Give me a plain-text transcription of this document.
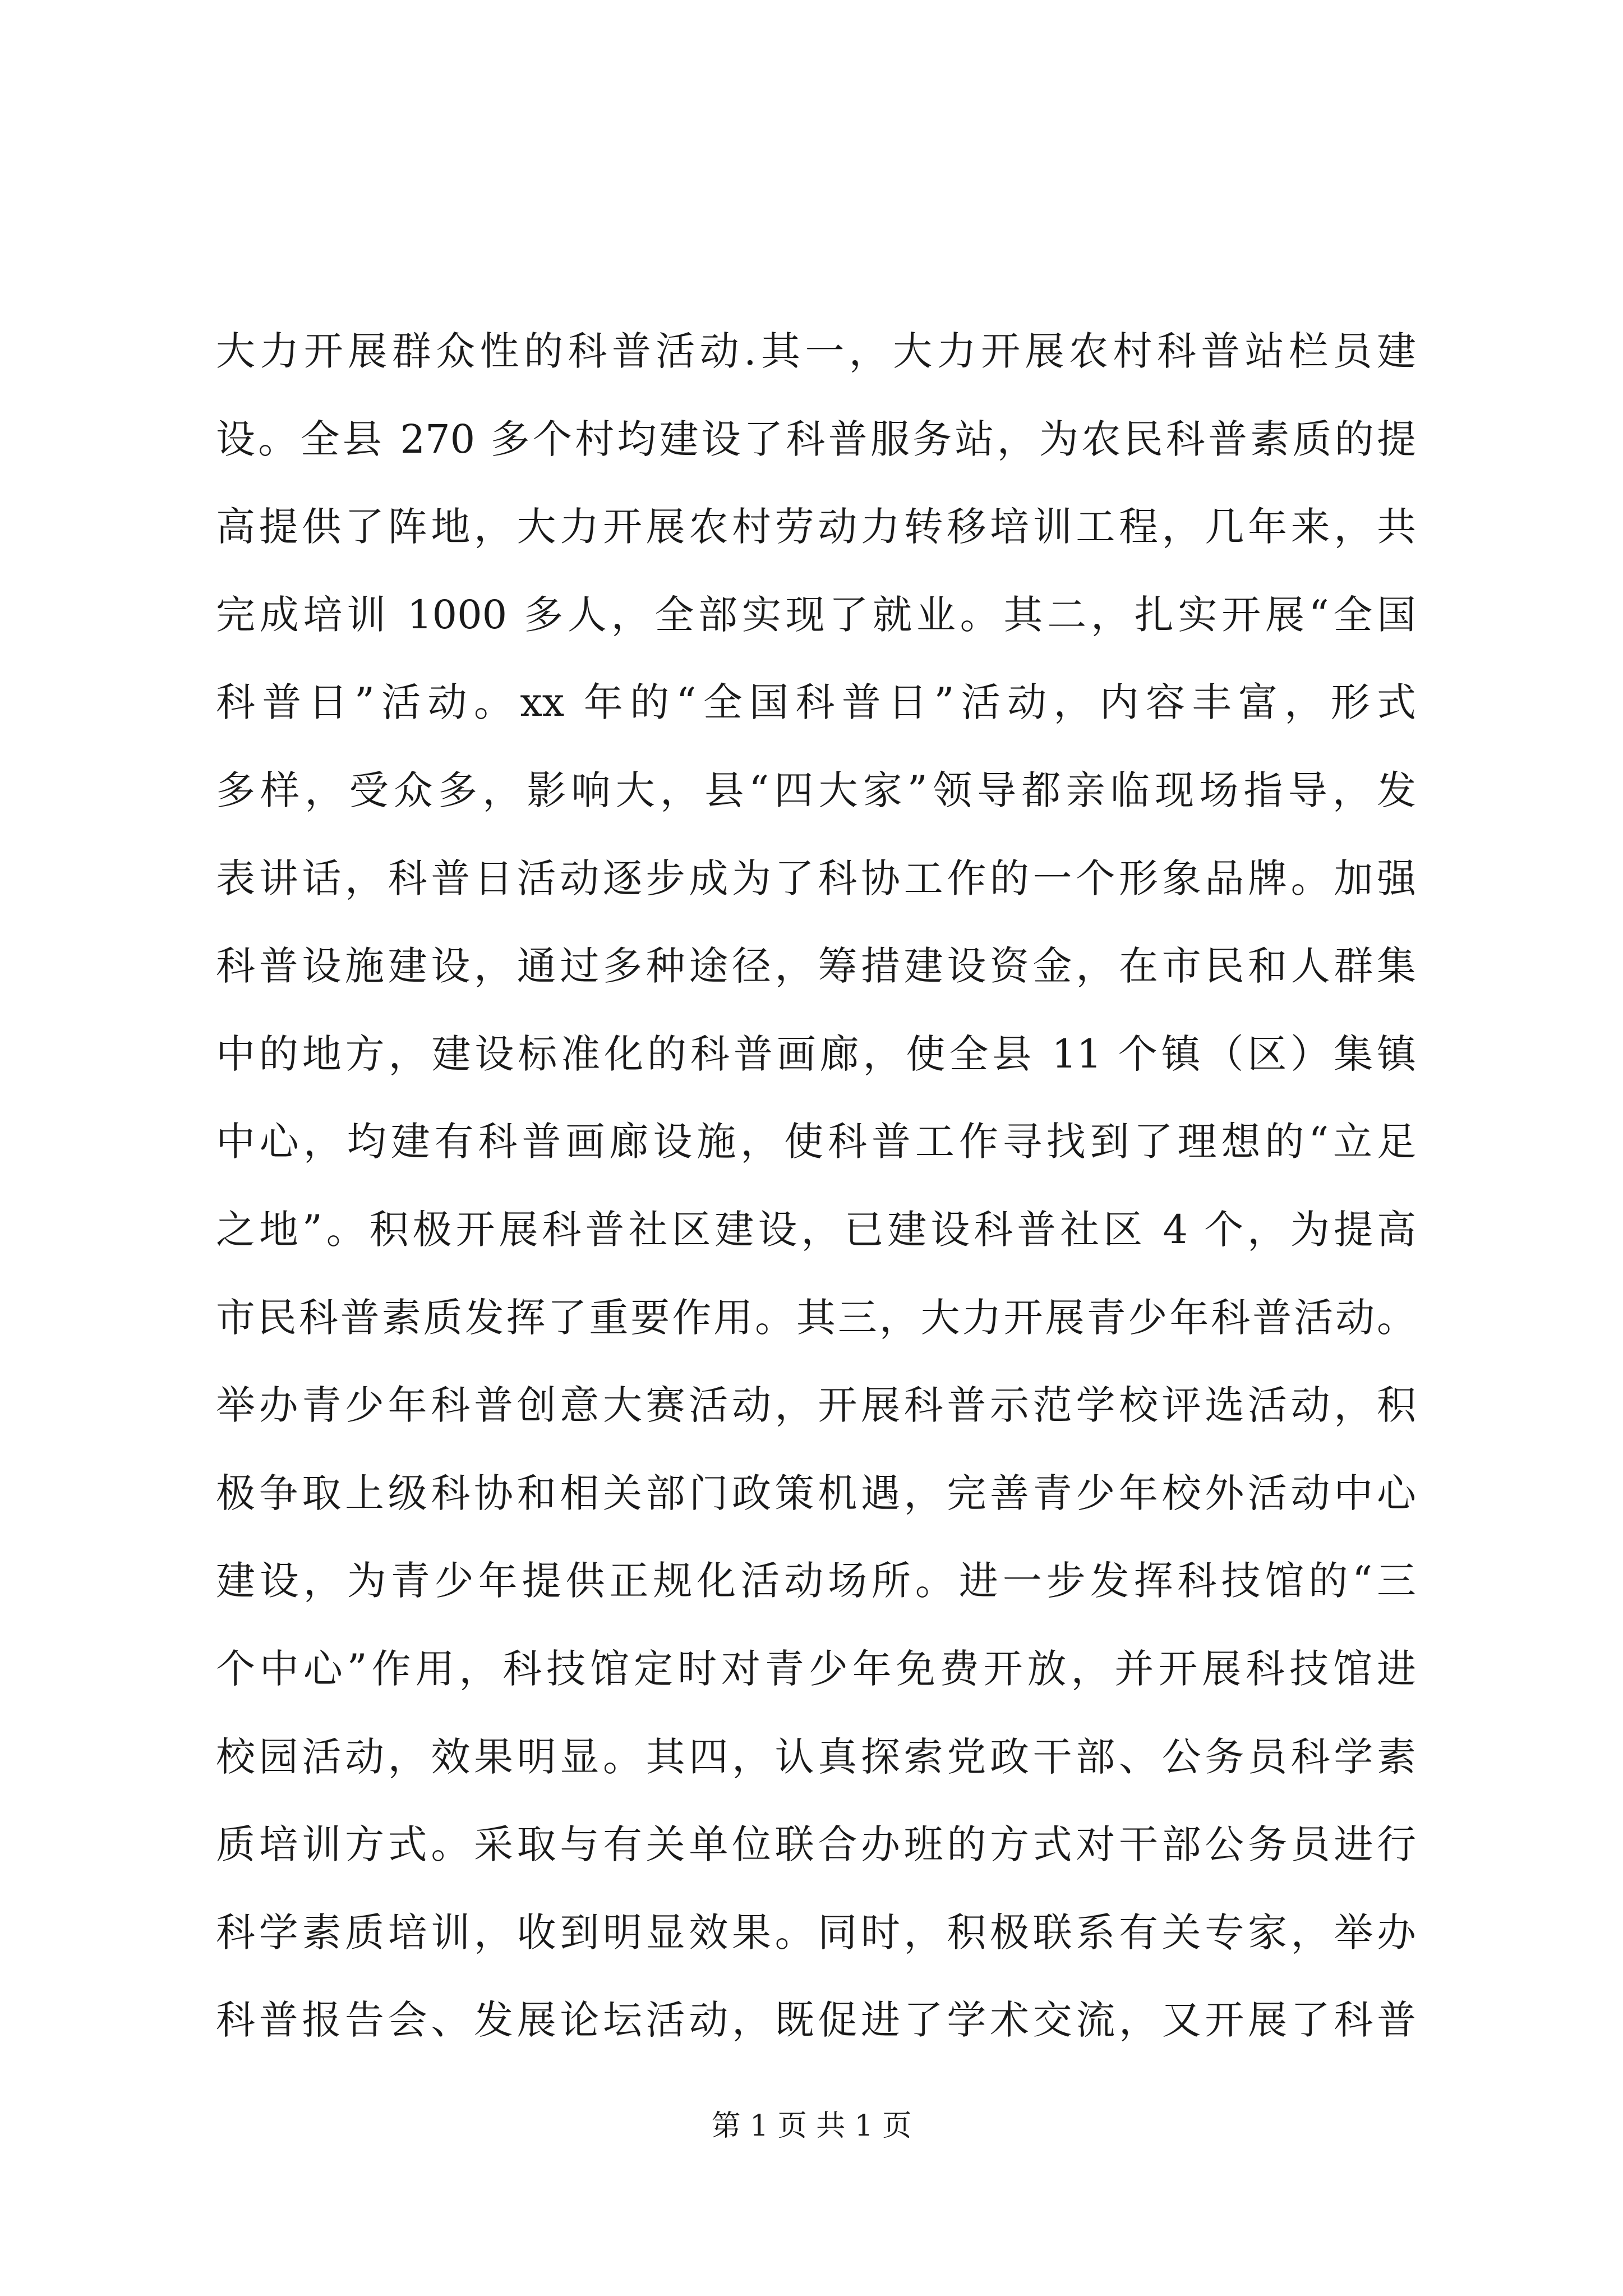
大力开展群众性的科普活动.其一，大力开展农村科普站栏员建
设。全县 270 多个村均建设了科普服务站，为农民科普素质的提
高提供了阵地，大力开展农村劳动力转移培训工程，几年来，共
完成培训 1000 多人，全部实现了就业。其二，扎实开展“全国
科普日”活动。xx 年的“全国科普日”活动，内容丰富，形式
多样，受众多，影响大，县“四大家”领导都亲临现场指导，发
表讲话，科普日活动逐步成为了科协工作的一个形象品牌。加强
科普设施建设，通过多种途径，筹措建设资金，在市民和人群集
中的地方，建设标准化的科普画廊，使全县 11 个镇（区）集镇
中心，均建有科普画廊设施，使科普工作寻找到了理想的“立足
之地”。积极开展科普社区建设，已建设科普社区 4 个，为提高
市民科普素质发挥了重要作用。其三，大力开展青少年科普活动。
举办青少年科普创意大赛活动，开展科普示范学校评选活动，积
极争取上级科协和相关部门政策机遇，完善青少年校外活动中心
建设，为青少年提供正规化活动场所。进一步发挥科技馆的“三
个中心”作用，科技馆定时对青少年免费开放，并开展科技馆进
校园活动，效果明显。其四，认真探索党政干部、公务员科学素
质培训方式。采取与有关单位联合办班的方式对干部公务员进行
科学素质培训，收到明显效果。同时，积极联系有关专家，举办
科普报告会、发展论坛活动，既促进了学术交流，又开展了科普
第 1 页 共 1 页
